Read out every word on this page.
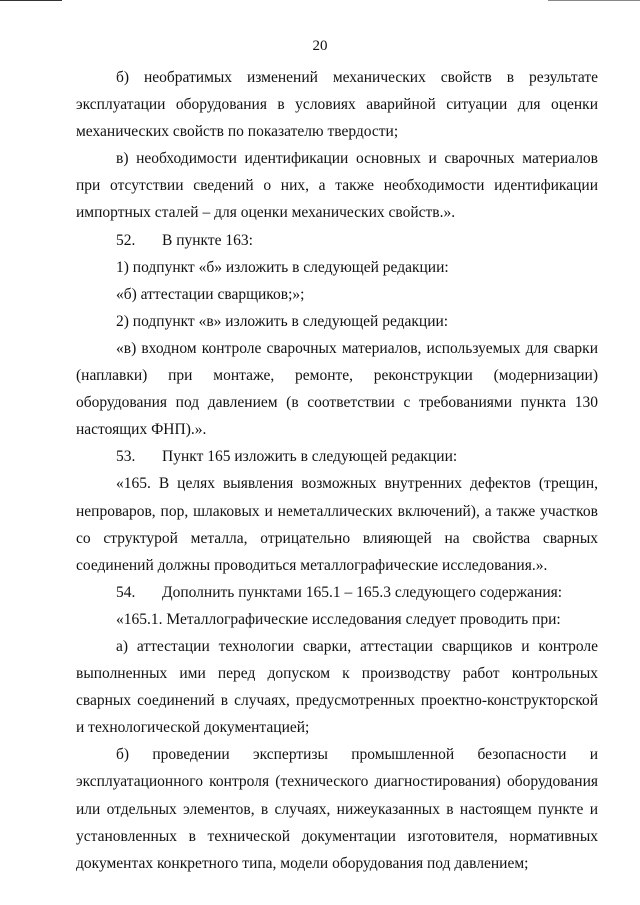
20

б) необратимых изменений механических свойств в результате эксплуатации оборудования в условиях аварийной ситуации для оценки механических свойств по показателю твердости;

в) необходимости идентификации основных и сварочных материалов при отсутствии сведений о них, а также необходимости идентификации импортных сталей – для оценки механических свойств.».

52. В пункте 163:

1) подпункт «б» изложить в следующей редакции:

«б) аттестации сварщиков;»;

2) подпункт «в» изложить в следующей редакции:

«в) входном контроле сварочных материалов, используемых для сварки (наплавки) при монтаже, ремонте, реконструкции (модернизации) оборудования под давлением (в соответствии с требованиями пункта 130 настоящих ФНП).».

53. Пункт 165 изложить в следующей редакции:

«165. В целях выявления возможных внутренних дефектов (трещин, непроваров, пор, шлаковых и неметаллических включений), а также участков со структурой металла, отрицательно влияющей на свойства сварных соединений должны проводиться металлографические исследования.».

54. Дополнить пунктами 165.1 – 165.3 следующего содержания:

«165.1. Металлографические исследования следует проводить при:

а) аттестации технологии сварки, аттестации сварщиков и контроле выполненных ими перед допуском к производству работ контрольных сварных соединений в случаях, предусмотренных проектно-конструкторской и технологической документацией;

б) проведении экспертизы промышленной безопасности и эксплуатационного контроля (технического диагностирования) оборудования или отдельных элементов, в случаях, нижеуказанных в настоящем пункте и установленных в технической документации изготовителя, нормативных документах конкретного типа, модели оборудования под давлением;
